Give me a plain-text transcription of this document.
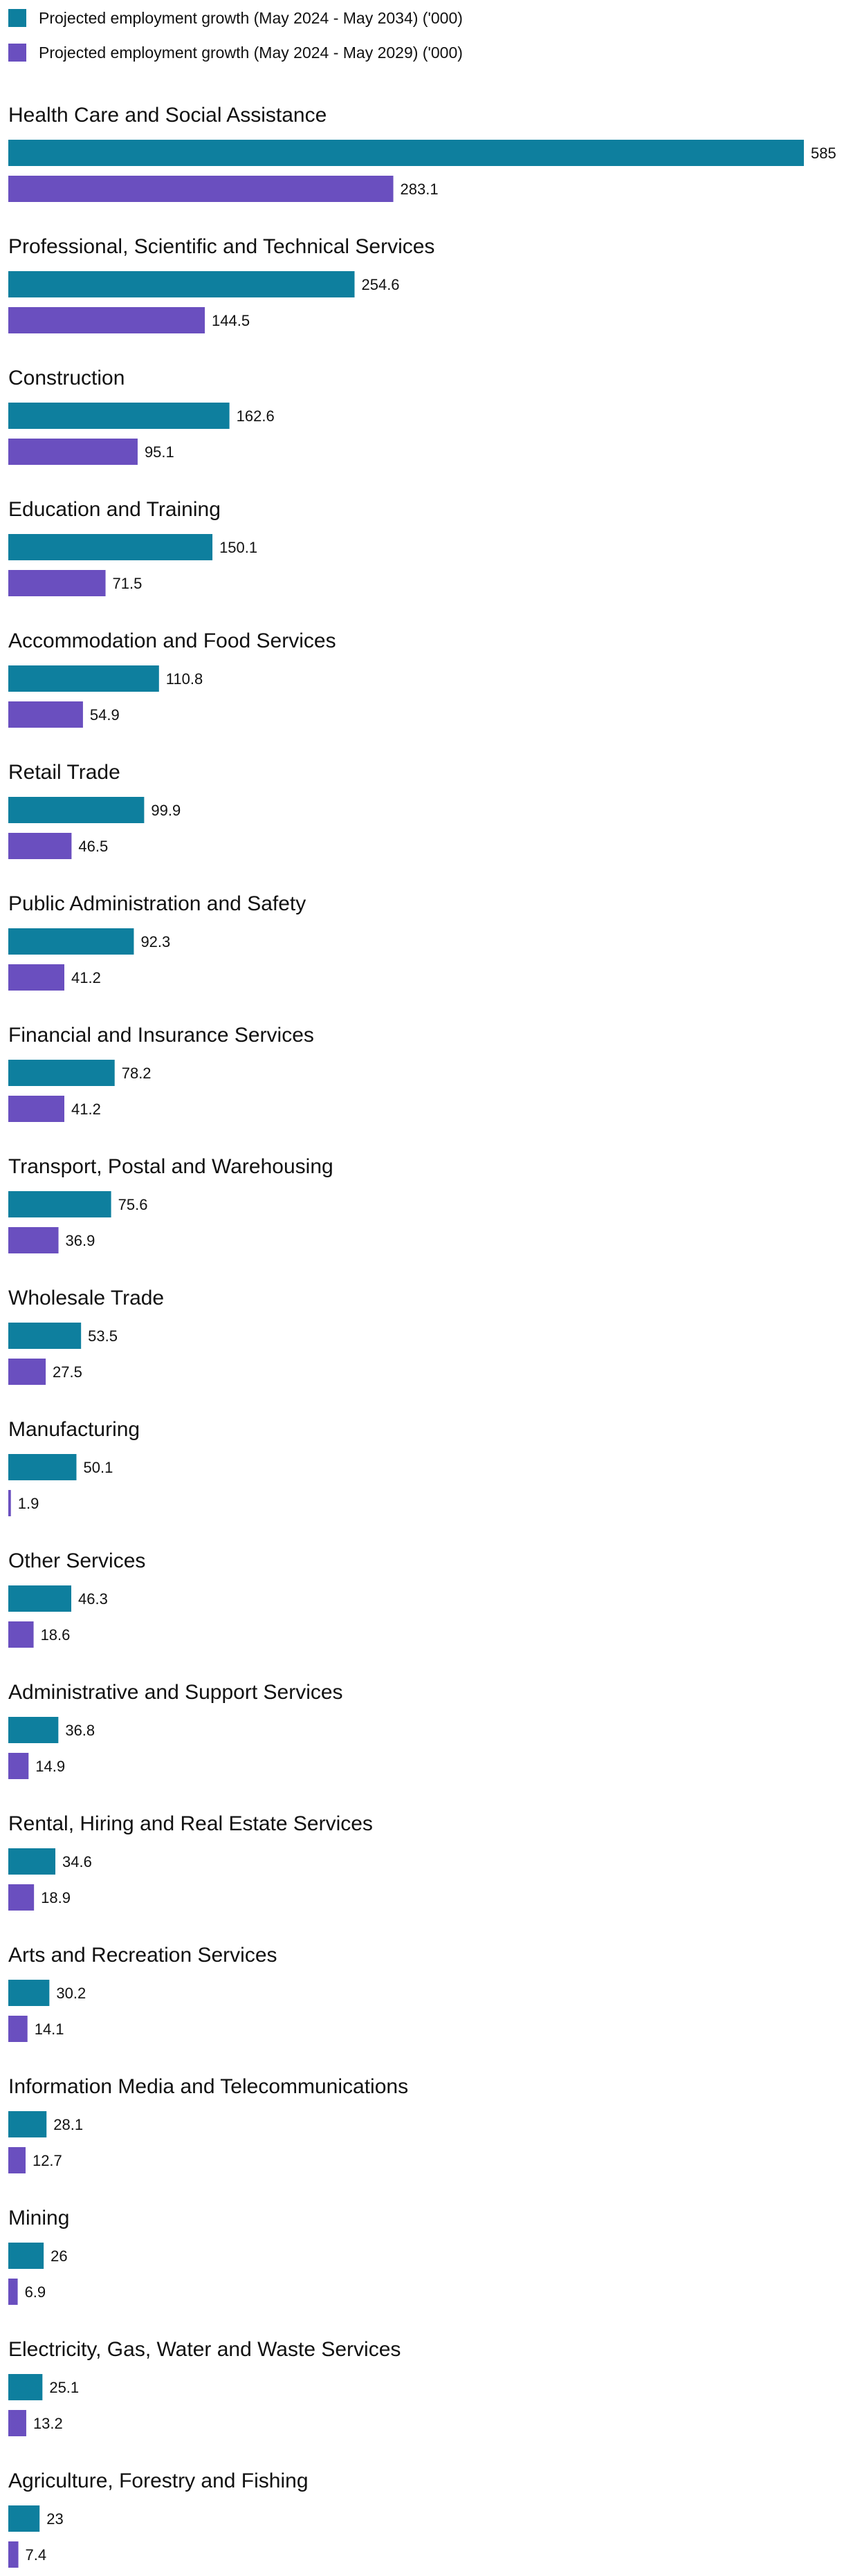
Health Care and Social Assistance
585
283.1
Professional, Scientific and Technical Services
254.6
144.5
Construction
162.6
95.1
Education and Training
150.1
71.5
Accommodation and Food Services
110.8
54.9
Retail Trade
99.9
46.5
Public Administration and Safety
92.3
41.2
Financial and Insurance Services
78.2
41.2
Transport, Postal and Warehousing
75.6
36.9
Wholesale Trade
53.5
27.5
Manufacturing
50.1
1.9
Other Services
46.3
18.6
Administrative and Support Services
36.8
14.9
Rental, Hiring and Real Estate Services
34.6
18.9
Arts and Recreation Services
30.2
14.1
Information Media and Telecommunications
28.1
12.7
Mining
26
6.9
Electricity, Gas, Water and Waste Services
25.1
13.2
Agriculture, Forestry and Fishing
23
7.4
Projected employment growth (May 2024 - May 2034) ('000)
Projected employment growth (May 2024 - May 2029) ('000)
